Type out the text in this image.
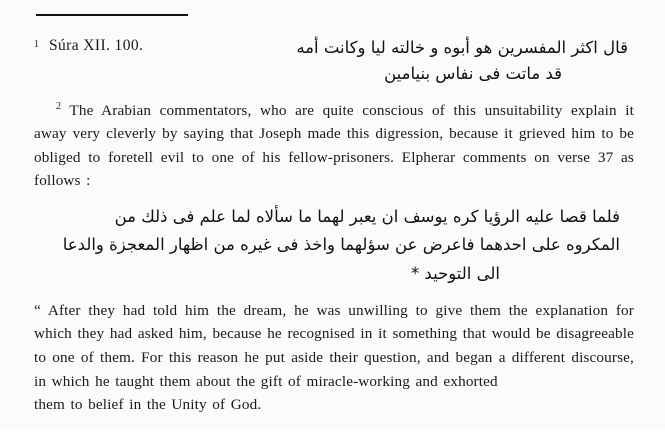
1 Súra XII. 100.	قال اكثر المفسرين هو أبوه و خالته ليا وكانت أمه
قد ماتت فى نفاس بنيامين

$^2$ The Arabian commentators, who are quite conscious of this unsuitability explain it away very cleverly by saying that Joseph made this digression, because it grieved him to be obliged to foretell evil to one of his fellow-prisoners. Elpherar comments on verse 37 as follows :

فلما قصا عليه الرؤيا كره يوسف ان يعبر لهما ما سألاه لما علم فى ذلك من
المكروه على احدهما فاعرض عن سؤلهما واخذ فى غيره من اظهار المعجزة والدعا
الى التوحيد *

“ After they had told him the dream, he was unwilling to give them the explanation for which they had asked him, because he recognised in it something that would be disagreeable to one of them. For this reason he put aside their question, and began a different discourse, in which he taught them about the gift of miracle-working and exhorted
them to belief in the Unity of God.
